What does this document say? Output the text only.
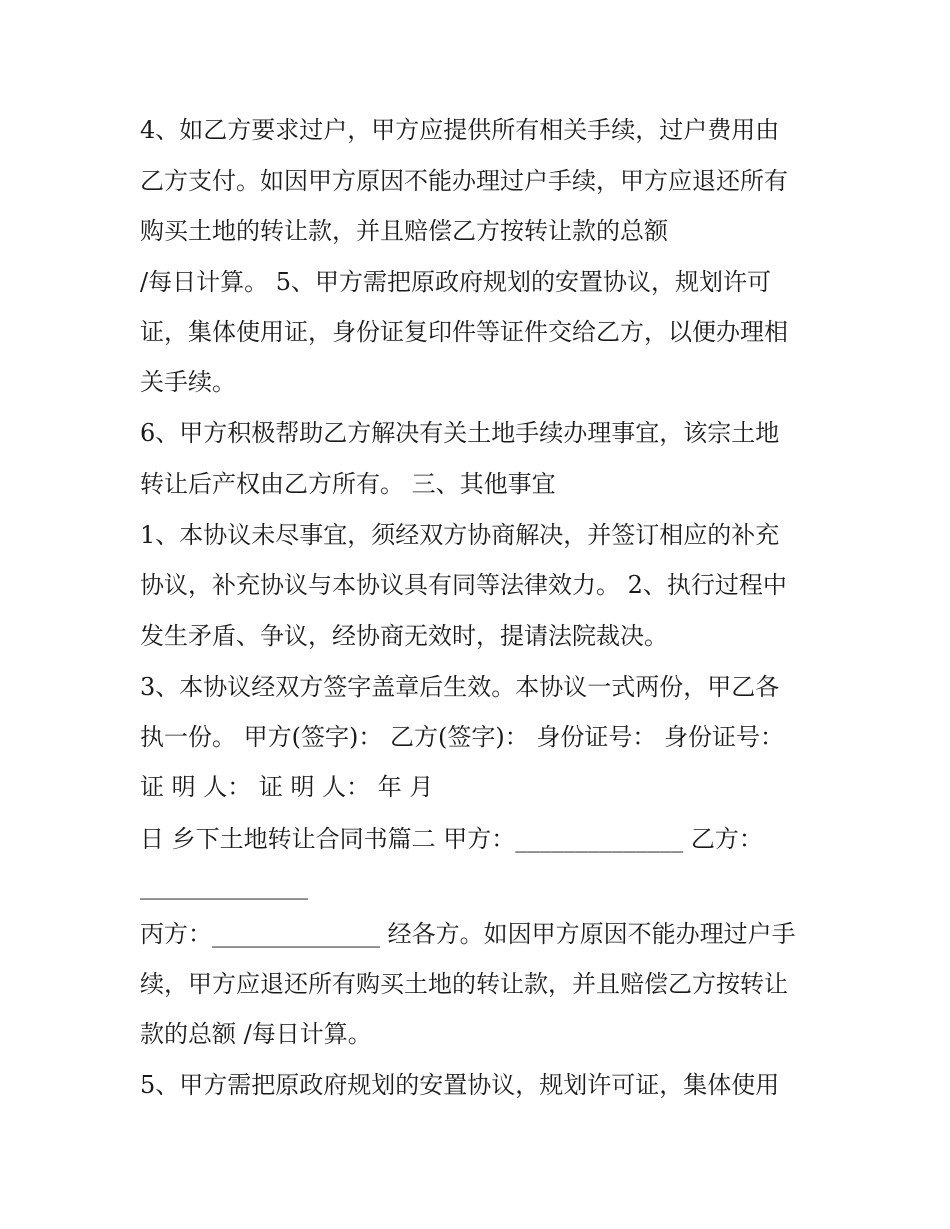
4、如乙方要求过户，甲方应提供所有相关手续，过户费用由
乙方支付。如因甲方原因不能办理过户手续，甲方应退还所有
购买土地的转让款，并且赔偿乙方按转让款的总额
/每日计算。 5、甲方需把原政府规划的安置协议，规划许可
证，集体使用证，身份证复印件等证件交给乙方，以便办理相
关手续。
6、甲方积极帮助乙方解决有关土地手续办理事宜，该宗土地
转让后产权由乙方所有。 三、其他事宜
1、本协议未尽事宜，须经双方协商解决，并签订相应的补充
协议，补充协议与本协议具有同等法律效力。 2、执行过程中
发生矛盾、争议，经协商无效时，提请法院裁决。
3、本协议经双方签字盖章后生效。本协议一式两份，甲乙各
执一份。 甲方(签字)： 乙方(签字)： 身份证号： 身份证号：
证 明 人： 证 明 人： 年 月
日 乡下土地转让合同书篇二 甲方：______________ 乙方：
______________
丙方：______________ 经各方。如因甲方原因不能办理过户手
续，甲方应退还所有购买土地的转让款，并且赔偿乙方按转让
款的总额 /每日计算。
5、甲方需把原政府规划的安置协议，规划许可证，集体使用
